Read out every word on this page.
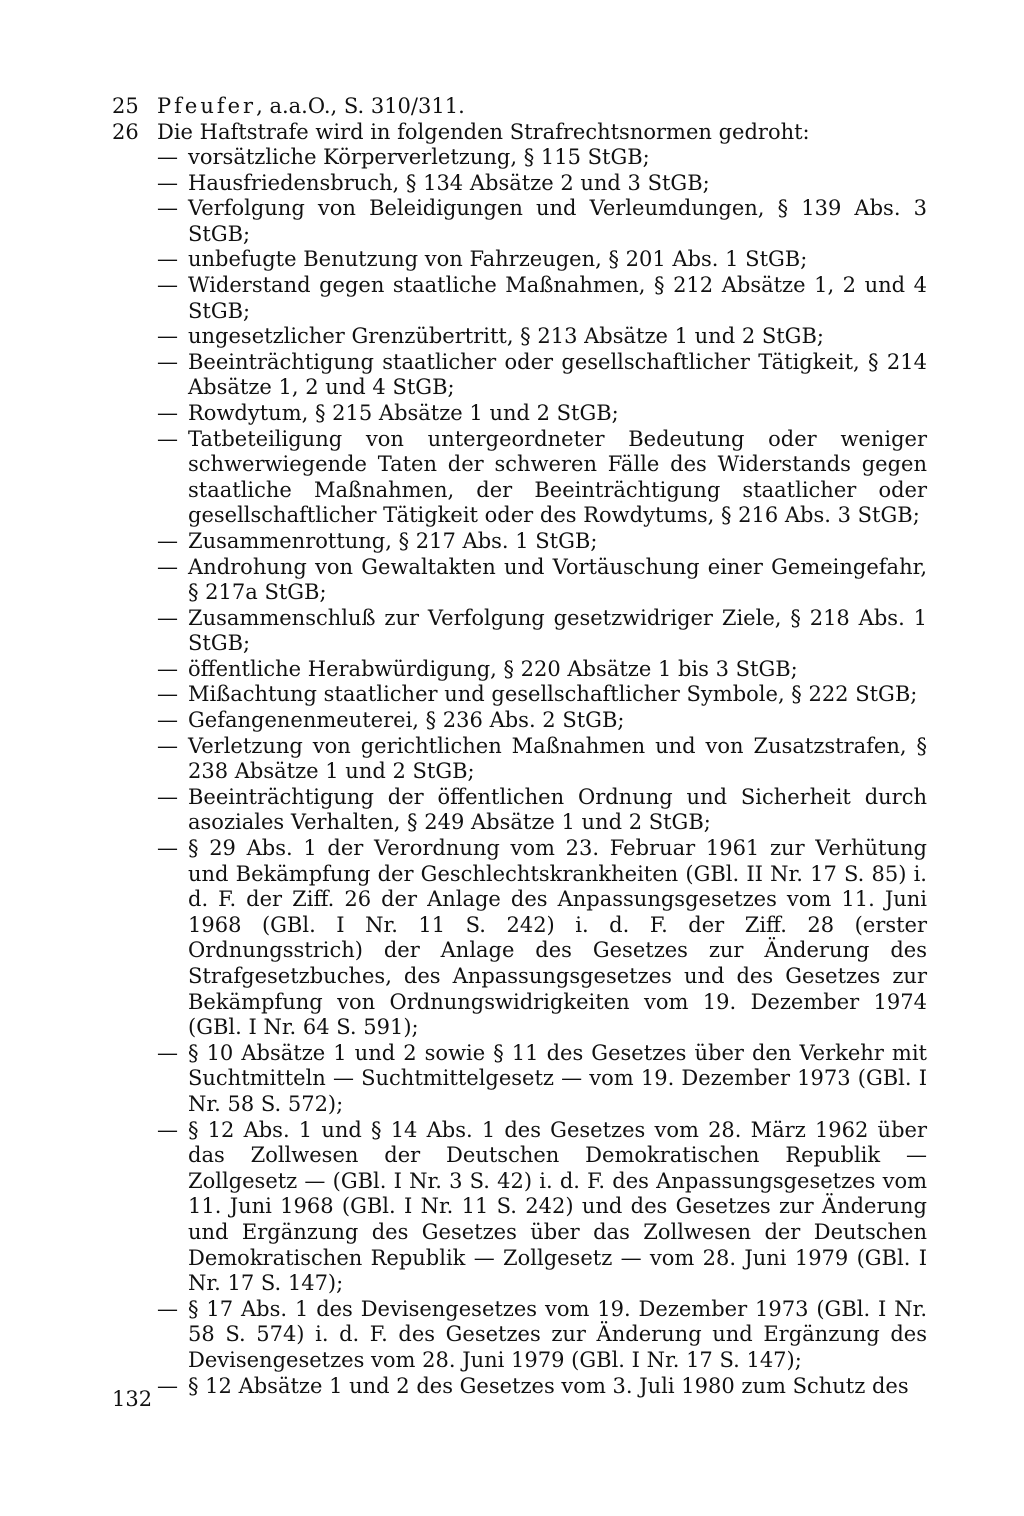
25 Pfeufer, a.a.O., S. 310/311.
26 Die Haftstrafe wird in folgenden Strafrechtsnormen gedroht:
— vorsätzliche Körperverletzung, § 115 StGB;
— Hausfriedensbruch, § 134 Absätze 2 und 3 StGB;
— Verfolgung von Beleidigungen und Verleumdungen, § 139 Abs. 3 StGB;
— unbefugte Benutzung von Fahrzeugen, § 201 Abs. 1 StGB;
— Widerstand gegen staatliche Maßnahmen, § 212 Absätze 1, 2 und 4 StGB;
— ungesetzlicher Grenzübertritt, § 213 Absätze 1 und 2 StGB;
— Beeinträchtigung staatlicher oder gesellschaftlicher Tätigkeit, § 214 Absätze 1, 2 und 4 StGB;
— Rowdytum, § 215 Absätze 1 und 2 StGB;
— Tatbeteiligung von untergeordneter Bedeutung oder weniger schwerwiegende Taten der schweren Fälle des Widerstands gegen staatliche Maßnahmen, der Beeinträchtigung staatlicher oder gesellschaftlicher Tätigkeit oder des Rowdytums, § 216 Abs. 3 StGB;
— Zusammenrottung, § 217 Abs. 1 StGB;
— Androhung von Gewaltakten und Vortäuschung einer Gemeingefahr, § 217a StGB;
— Zusammenschluß zur Verfolgung gesetzwidriger Ziele, § 218 Abs. 1 StGB;
— öffentliche Herabwürdigung, § 220 Absätze 1 bis 3 StGB;
— Mißachtung staatlicher und gesellschaftlicher Symbole, § 222 StGB;
— Gefangenenmeuterei, § 236 Abs. 2 StGB;
— Verletzung von gerichtlichen Maßnahmen und von Zusatzstrafen, § 238 Absätze 1 und 2 StGB;
— Beeinträchtigung der öffentlichen Ordnung und Sicherheit durch asoziales Verhalten, § 249 Absätze 1 und 2 StGB;
— § 29 Abs. 1 der Verordnung vom 23. Februar 1961 zur Verhütung und Bekämpfung der Geschlechtskrankheiten (GBl. II Nr. 17 S. 85) i. d. F. der Ziff. 26 der Anlage des Anpassungsgesetzes vom 11. Juni 1968 (GBl. I Nr. 11 S. 242) i. d. F. der Ziff. 28 (erster Ordnungsstrich) der Anlage des Gesetzes zur Änderung des Strafgesetzbuches, des Anpassungsgesetzes und des Gesetzes zur Bekämpfung von Ordnungswidrigkeiten vom 19. Dezember 1974 (GBl. I Nr. 64 S. 591);
— § 10 Absätze 1 und 2 sowie § 11 des Gesetzes über den Verkehr mit Suchtmitteln — Suchtmittelgesetz — vom 19. Dezember 1973 (GBl. I Nr. 58 S. 572);
— § 12 Abs. 1 und § 14 Abs. 1 des Gesetzes vom 28. März 1962 über das Zollwesen der Deutschen Demokratischen Republik — Zollgesetz — (GBl. I Nr. 3 S. 42) i. d. F. des Anpassungsgesetzes vom 11. Juni 1968 (GBl. I Nr. 11 S. 242) und des Gesetzes zur Änderung und Ergänzung des Gesetzes über das Zollwesen der Deutschen Demokratischen Republik — Zollgesetz — vom 28. Juni 1979 (GBl. I Nr. 17 S. 147);
— § 17 Abs. 1 des Devisengesetzes vom 19. Dezember 1973 (GBl. I Nr. 58 S. 574) i. d. F. des Gesetzes zur Änderung und Ergänzung des Devisengesetzes vom 28. Juni 1979 (GBl. I Nr. 17 S. 147);
— § 12 Absätze 1 und 2 des Gesetzes vom 3. Juli 1980 zum Schutz des
132
